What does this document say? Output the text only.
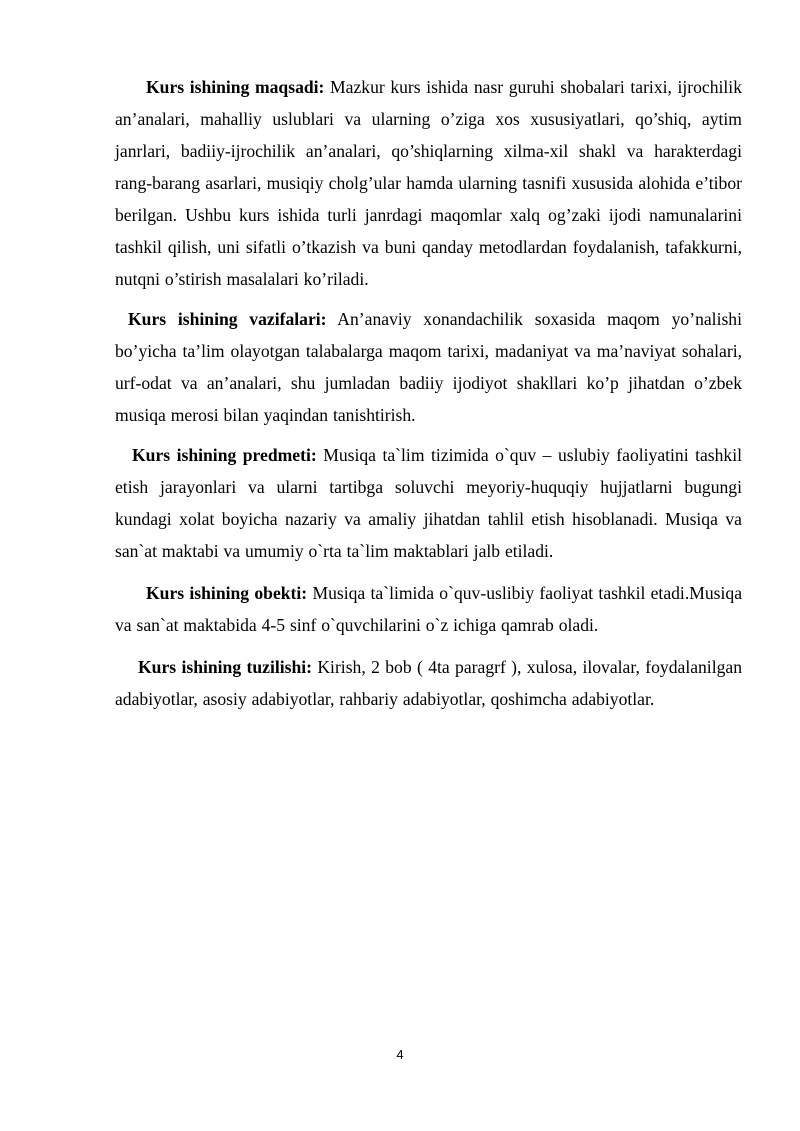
Kurs ishining maqsadi: Mazkur kurs ishida nasr guruhi shobalari tarixi, ijrochilik an’analari, mahalliy uslublari va ularning o’ziga xos xususiyatlari, qo’shiq, aytim janrlari, badiiy-ijrochilik an’analari, qo’shiqlarning xilma-xil shakl va harakterdagi rang-barang asarlari, musiqiy cholg’ular hamda ularning tasnifi xususida alohida e’tibor berilgan. Ushbu kurs ishida turli janrdagi maqomlar xalq og’zaki ijodi namunalarini tashkil qilish, uni sifatli o’tkazish va buni qanday metodlardan foydalanish, tafakkurni, nutqni o’stirish masalalari ko’riladi.

Kurs ishining vazifalari: An’anaviy xonandachilik soxasida maqom yo’nalishi bo’yicha ta’lim olayotgan talabalarga maqom tarixi, madaniyat va ma’naviyat sohalari, urf-odat va an’analari, shu jumladan badiiy ijodiyot shakllari ko’p jihatdan o’zbek musiqa merosi bilan yaqindan tanishtirish.

Kurs ishining predmeti: Musiqa ta`lim tizimida o`quv – uslubiy faoliyatini tashkil etish jarayonlari va ularni tartibga soluvchi meyoriy-huquqiy hujjatlarni bugungi kundagi xolat boyicha nazariy va amaliy jihatdan tahlil etish hisoblanadi. Musiqa va san`at maktabi va umumiy o`rta ta`lim maktablari jalb etiladi.

Kurs ishining obekti: Musiqa ta`limida o`quv-uslibiy faoliyat tashkil etadi.Musiqa va san`at maktabida 4-5 sinf o`quvchilarini o`z ichiga qamrab oladi.

Kurs ishining tuzilishi: Kirish, 2 bob ( 4ta paragrf ), xulosa, ilovalar, foydalanilgan adabiyotlar, asosiy adabiyotlar, rahbariy adabiyotlar, qoshimcha adabiyotlar.

4
